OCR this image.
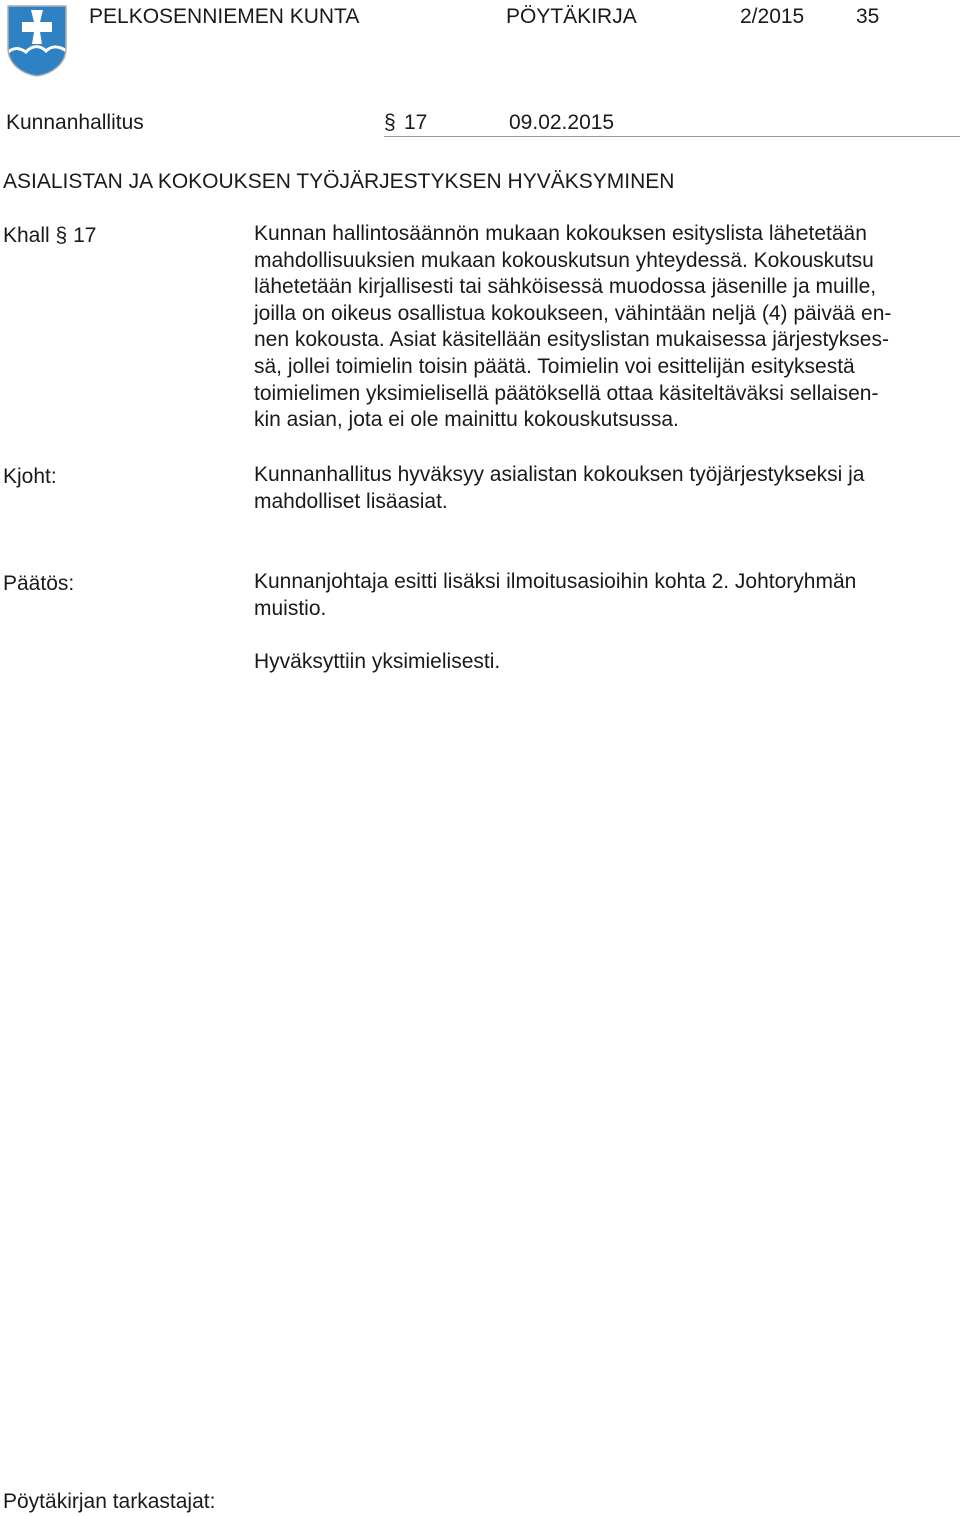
PELKOSENNIEMEN KUNTA	PÖYTÄKIRJA	2/2015 35
Kunnanhallitus	§ 17	09.02.2015
ASIALISTAN JA KOKOUKSEN TYÖJÄRJESTYKSEN HYVÄKSYMINEN
Khall § 17	Kunnan hallintosäännön mukaan kokouksen esityslista lähetetään
mahdollisuuksien mukaan kokouskutsun yhteydessä. Kokouskutsu
lähetetään kirjallisesti tai sähköisessä muodossa jäsenille ja muille,
joilla on oikeus osallistua kokoukseen, vähintään neljä (4) päivää en-
nen kokousta. Asiat käsitellään esityslistan mukaisessa järjestykses-
sä, jollei toimielin toisin päätä. Toimielin voi esittelijän esityksestä
toimielimen yksimielisellä päätöksellä ottaa käsiteltäväksi sellaisen-
kin asian, jota ei ole mainittu kokouskutsussa.
Kjoht:	Kunnanhallitus hyväksyy asialistan kokouksen työjärjestykseksi ja
mahdolliset lisäasiat.
Päätös:	Kunnanjohtaja esitti lisäksi ilmoitusasioihin kohta 2. Johtoryhmän
muistio.
Hyväksyttiin yksimielisesti.
Pöytäkirjan tarkastajat:
